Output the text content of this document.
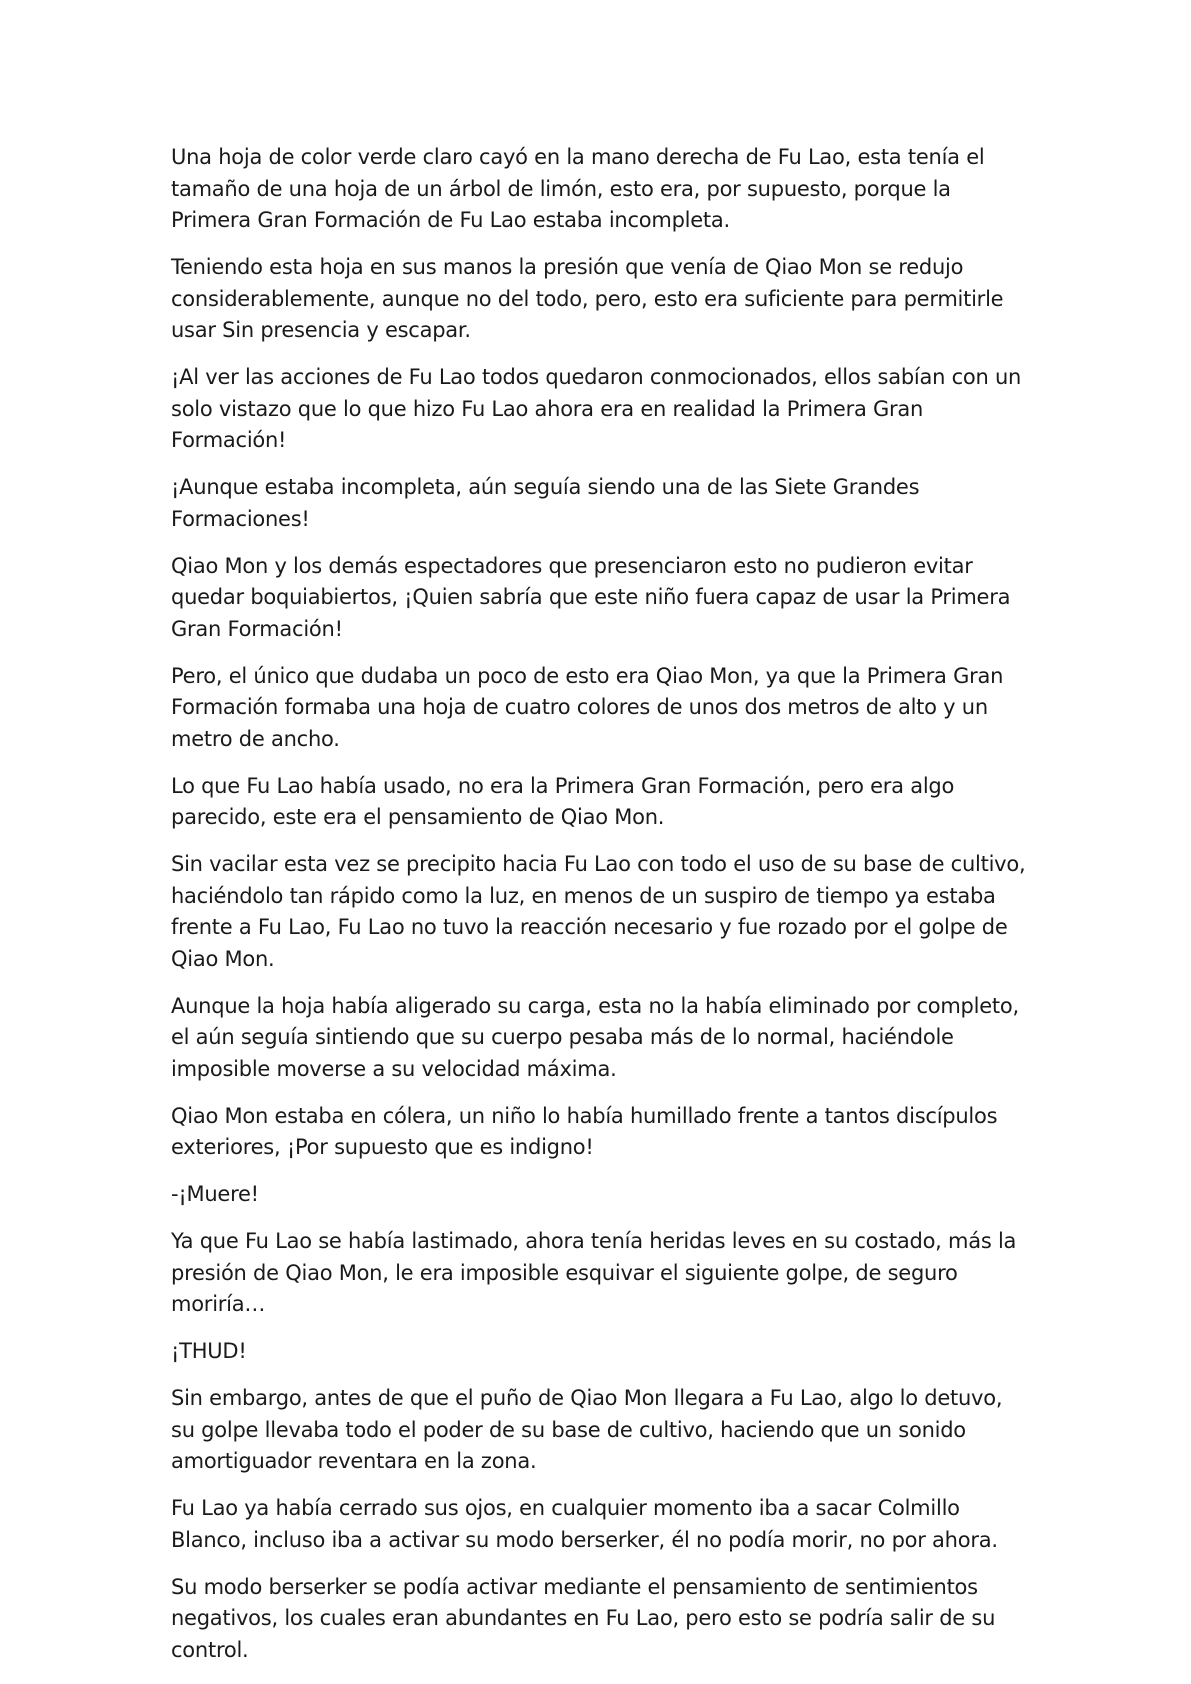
Una hoja de color verde claro cayó en la mano derecha de Fu Lao, esta tenía el tamaño de una hoja de un árbol de limón, esto era, por supuesto, porque la Primera Gran Formación de Fu Lao estaba incompleta.

Teniendo esta hoja en sus manos la presión que venía de Qiao Mon se redujo considerablemente, aunque no del todo, pero, esto era suficiente para permitirle usar Sin presencia y escapar.

¡Al ver las acciones de Fu Lao todos quedaron conmocionados, ellos sabían con un solo vistazo que lo que hizo Fu Lao ahora era en realidad la Primera Gran Formación!

¡Aunque estaba incompleta, aún seguía siendo una de las Siete Grandes Formaciones!

Qiao Mon y los demás espectadores que presenciaron esto no pudieron evitar quedar boquiabiertos, ¡Quien sabría que este niño fuera capaz de usar la Primera Gran Formación!

Pero, el único que dudaba un poco de esto era Qiao Mon, ya que la Primera Gran Formación formaba una hoja de cuatro colores de unos dos metros de alto y un metro de ancho.

Lo que Fu Lao había usado, no era la Primera Gran Formación, pero era algo parecido, este era el pensamiento de Qiao Mon.

Sin vacilar esta vez se precipito hacia Fu Lao con todo el uso de su base de cultivo, haciéndolo tan rápido como la luz, en menos de un suspiro de tiempo ya estaba frente a Fu Lao, Fu Lao no tuvo la reacción necesario y fue rozado por el golpe de Qiao Mon.

Aunque la hoja había aligerado su carga, esta no la había eliminado por completo, el aún seguía sintiendo que su cuerpo pesaba más de lo normal, haciéndole imposible moverse a su velocidad máxima.

Qiao Mon estaba en cólera, un niño lo había humillado frente a tantos discípulos exteriores, ¡Por supuesto que es indigno!

-¡Muere!

Ya que Fu Lao se había lastimado, ahora tenía heridas leves en su costado, más la presión de Qiao Mon, le era imposible esquivar el siguiente golpe, de seguro moriría…

¡THUD!

Sin embargo, antes de que el puño de Qiao Mon llegara a Fu Lao, algo lo detuvo, su golpe llevaba todo el poder de su base de cultivo, haciendo que un sonido amortiguador reventara en la zona.

Fu Lao ya había cerrado sus ojos, en cualquier momento iba a sacar Colmillo Blanco, incluso iba a activar su modo berserker, él no podía morir, no por ahora.

Su modo berserker se podía activar mediante el pensamiento de sentimientos negativos, los cuales eran abundantes en Fu Lao, pero esto se podría salir de su control.
